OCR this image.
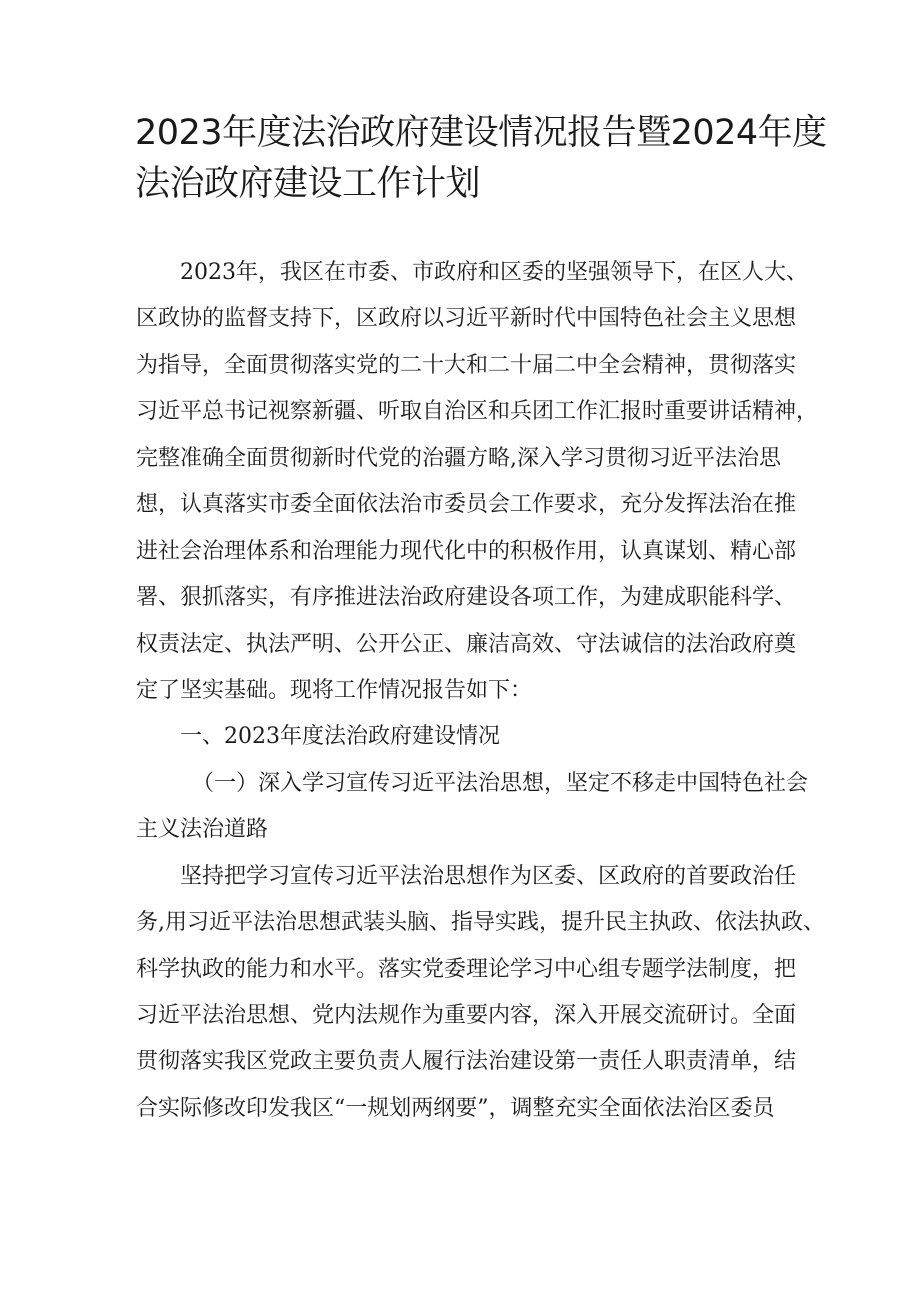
2023年度法治政府建设情况报告暨2024年度
法治政府建设工作计划
2023年，我区在市委、市政府和区委的坚强领导下，在区人大、
区政协的监督支持下，区政府以习近平新时代中国特色社会主义思想
为指导，全面贯彻落实党的二十大和二十届二中全会精神，贯彻落实
习近平总书记视察新疆、听取自治区和兵团工作汇报时重要讲话精神，
完整准确全面贯彻新时代党的治疆方略,深入学习贯彻习近平法治思
想，认真落实市委全面依法治市委员会工作要求，充分发挥法治在推
进社会治理体系和治理能力现代化中的积极作用，认真谋划、精心部
署、狠抓落实，有序推进法治政府建设各项工作，为建成职能科学、
权责法定、执法严明、公开公正、廉洁高效、守法诚信的法治政府奠
定了坚实基础。现将工作情况报告如下：
一、2023年度法治政府建设情况
（一）深入学习宣传习近平法治思想，坚定不移走中国特色社会
主义法治道路
坚持把学习宣传习近平法治思想作为区委、区政府的首要政治任
务,用习近平法治思想武装头脑、指导实践，提升民主执政、依法执政、
科学执政的能力和水平。落实党委理论学习中心组专题学法制度，把
习近平法治思想、党内法规作为重要内容，深入开展交流研讨。全面
贯彻落实我区党政主要负责人履行法治建设第一责任人职责清单，结
合实际修改印发我区“一规划两纲要”，调整充实全面依法治区委员
